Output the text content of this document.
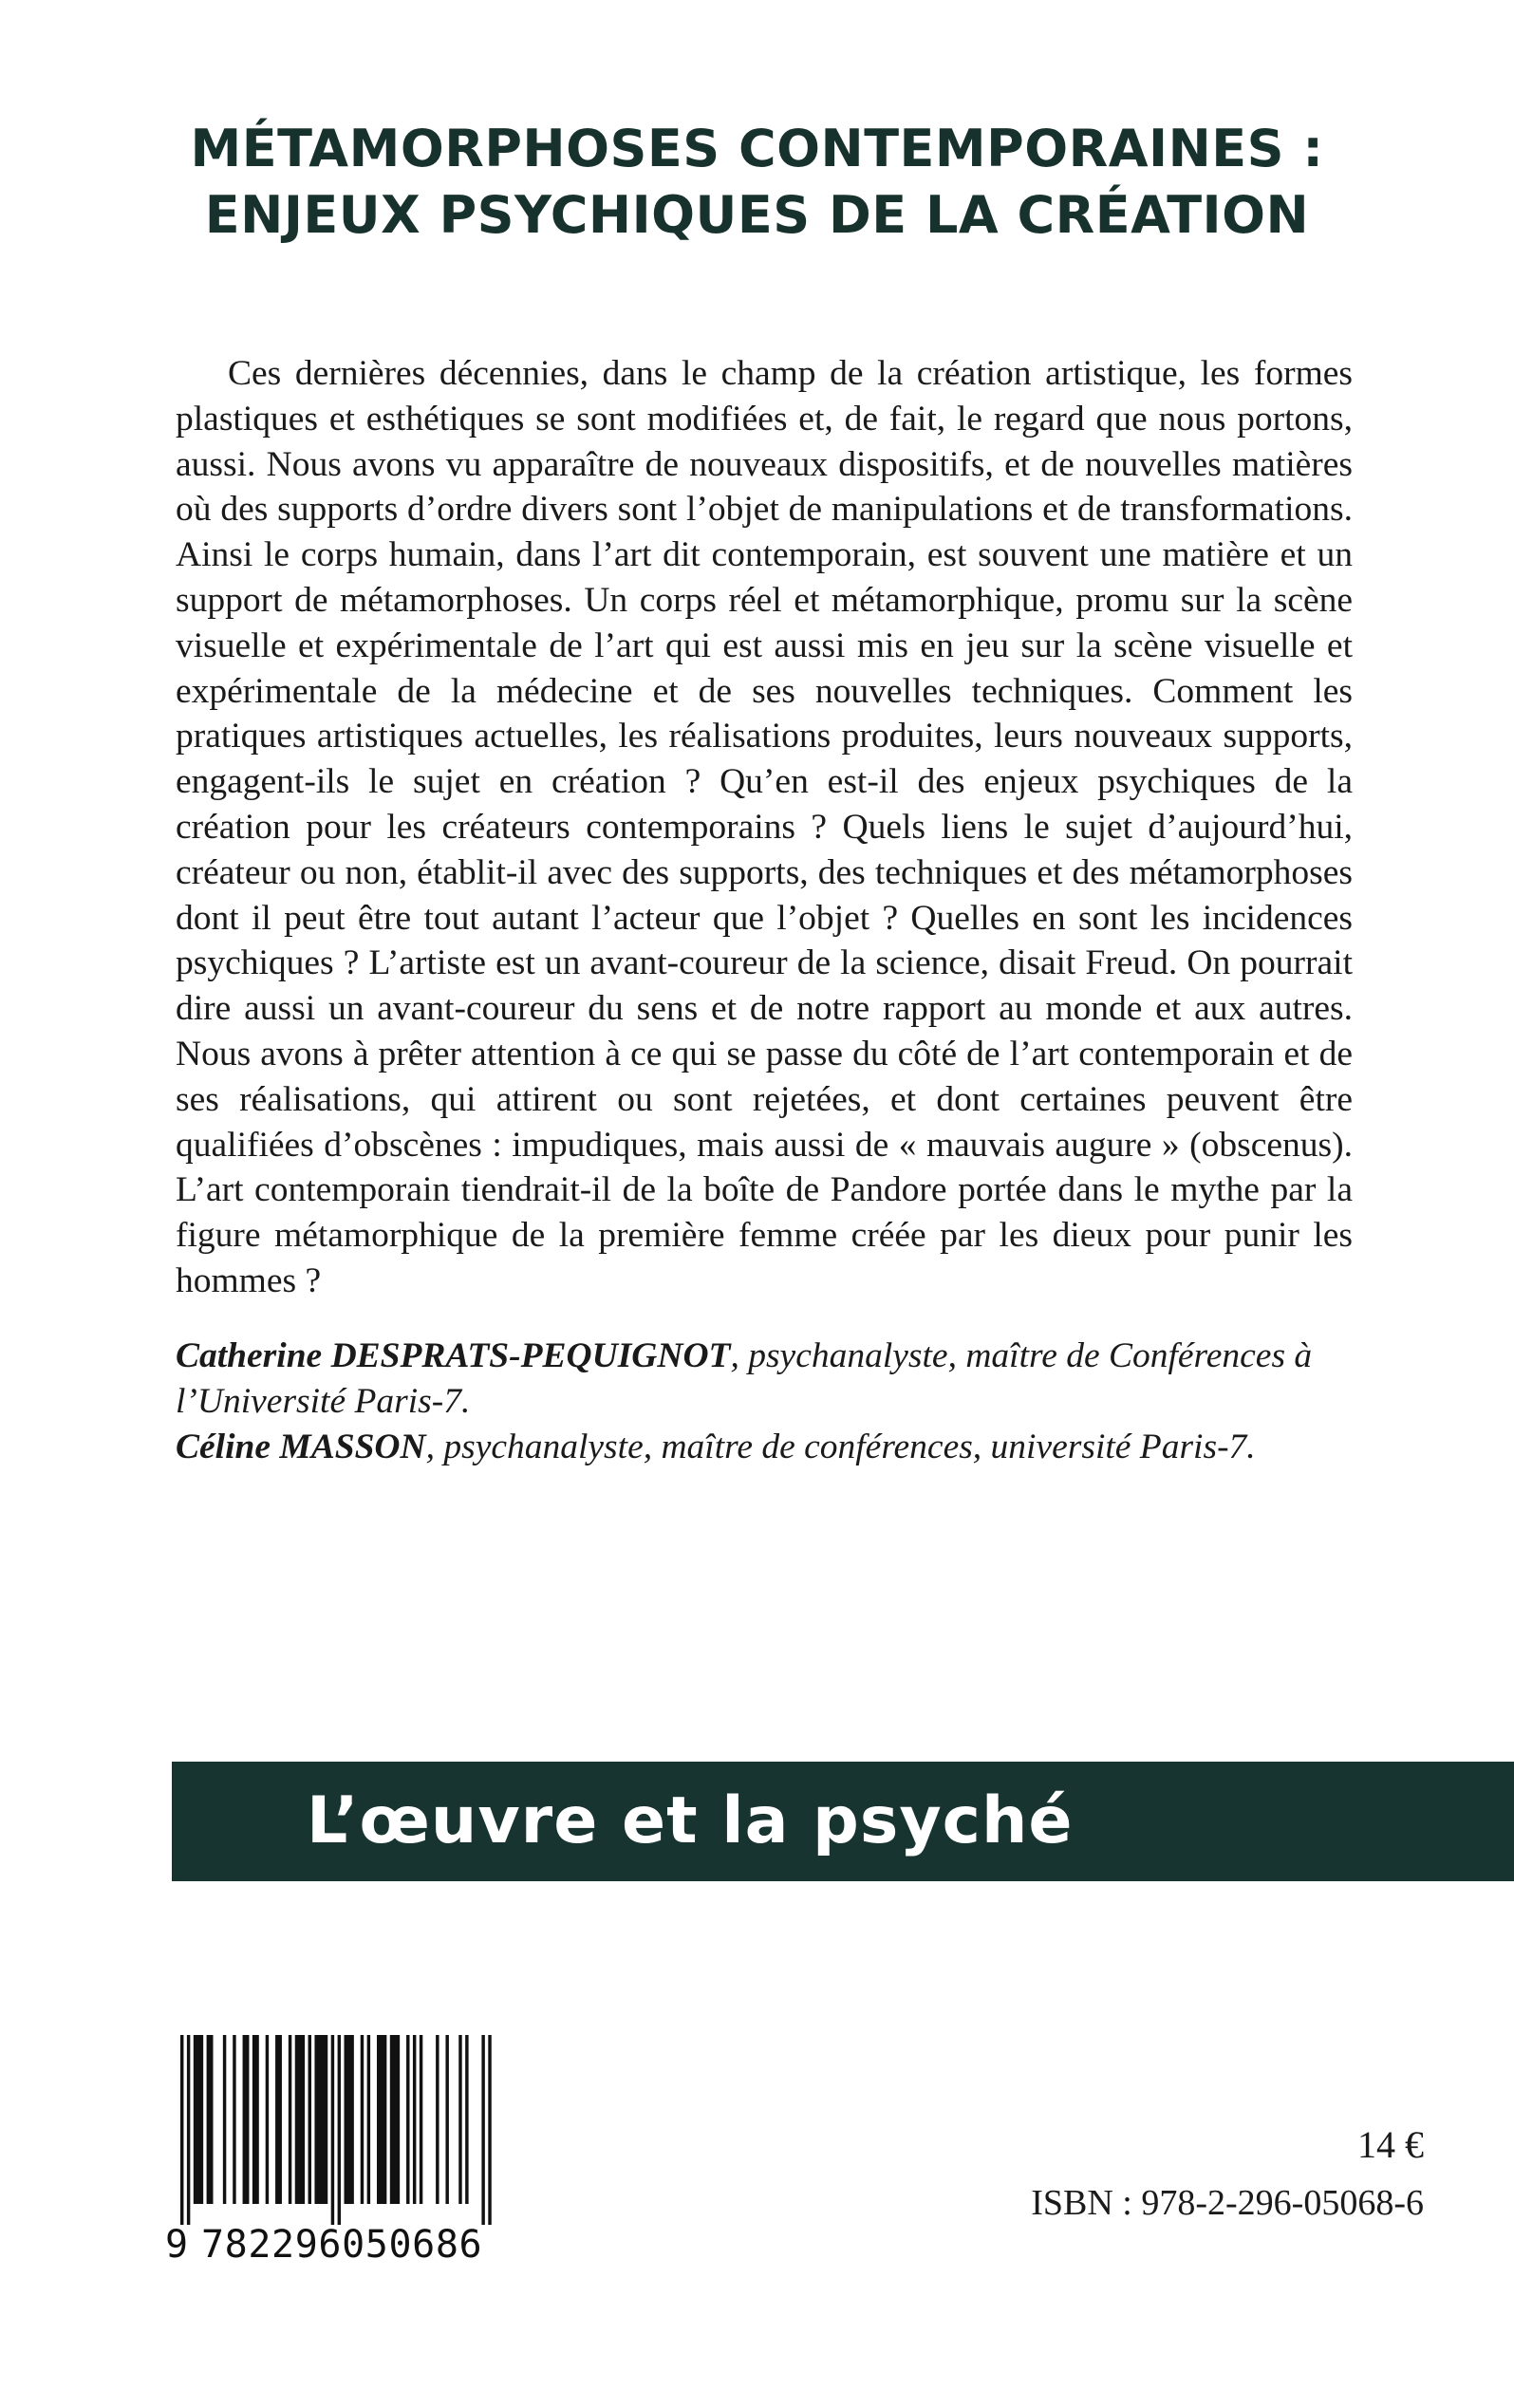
MÉTAMORPHOSES CONTEMPORAINES :
ENJEUX PSYCHIQUES DE LA CRÉATION

Ces dernières décennies, dans le champ de la création artistique, les formes plastiques et esthétiques se sont modifiées et, de fait, le regard que nous portons, aussi. Nous avons vu apparaître de nouveaux dispositifs, et de nouvelles matières où des supports d’ordre divers sont l’objet de manipulations et de transformations. Ainsi le corps humain, dans l’art dit contemporain, est souvent une matière et un support de métamorphoses. Un corps réel et métamorphique, promu sur la scène visuelle et expérimentale de l’art qui est aussi mis en jeu sur la scène visuelle et expérimentale de la médecine et de ses nouvelles techniques. Comment les pratiques artistiques actuelles, les réalisations produites, leurs nouveaux supports, engagent-ils le sujet en création ? Qu’en est-il des enjeux psychiques de la création pour les créateurs contemporains ? Quels liens le sujet d’aujourd’hui, créateur ou non, établit-il avec des supports, des techniques et des métamorphoses dont il peut être tout autant l’acteur que l’objet ? Quelles en sont les incidences psychiques ? L’artiste est un avant-coureur de la science, disait Freud. On pourrait dire aussi un avant-coureur du sens et de notre rapport au monde et aux autres. Nous avons à prêter attention à ce qui se passe du côté de l’art contemporain et de ses réalisations, qui attirent ou sont rejetées, et dont certaines peuvent être qualifiées d’obscènes : impudiques, mais aussi de « mauvais augure » (obscenus). L’art contemporain tiendrait-il de la boîte de Pandore portée dans le mythe par la figure métamorphique de la première femme créée par les dieux pour punir les hommes ?

Catherine DESPRATS-PEQUIGNOT, psychanalyste, maître de Conférences à l’Université Paris-7.

Céline MASSON, psychanalyste, maître de conférences, université Paris-7.

L’œuvre et la psyché
9 782296050686
14 €
ISBN : 978-2-296-05068-6
